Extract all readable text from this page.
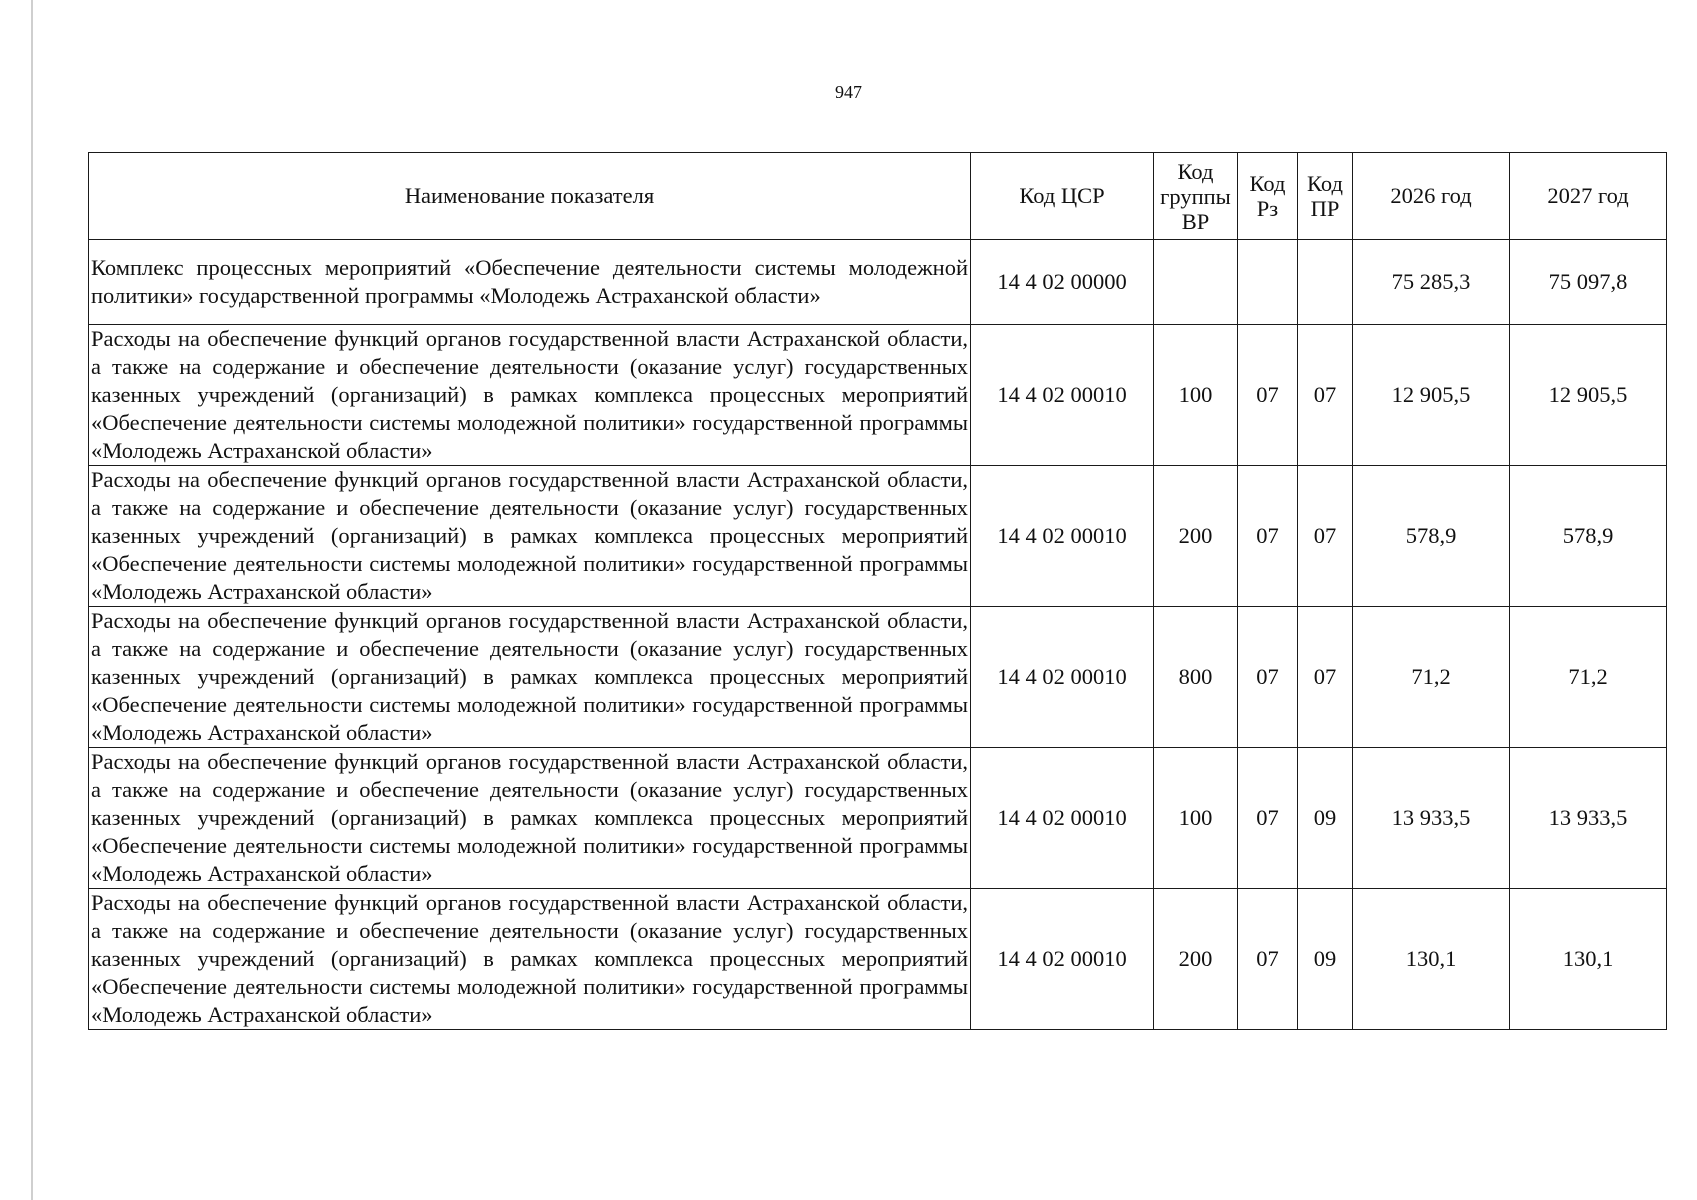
947
Наименование показателя	Код ЦСР	Код группы ВР	Код Рз	Код ПР	2026 год	2027 год
Комплекс процессных мероприятий «Обеспечение деятельности системы молодежной политики» государственной программы «Молодежь Астраханской области»	14 4 02 00000				75 285,3	75 097,8
Расходы на обеспечение функций органов государственной власти Астраханской области, а также на содержание и обеспечение деятельности (оказание услуг) государственных казенных учреждений (организаций) в рамках комплекса процессных мероприятий «Обеспечение деятельности системы молодежной политики» государственной программы «Молодежь Астраханской области»	14 4 02 00010	100	07	07	12 905,5	12 905,5
Расходы на обеспечение функций органов государственной власти Астраханской области, а также на содержание и обеспечение деятельности (оказание услуг) государственных казенных учреждений (организаций) в рамках комплекса процессных мероприятий «Обеспечение деятельности системы молодежной политики» государственной программы «Молодежь Астраханской области»	14 4 02 00010	200	07	07	578,9	578,9
Расходы на обеспечение функций органов государственной власти Астраханской области, а также на содержание и обеспечение деятельности (оказание услуг) государственных казенных учреждений (организаций) в рамках комплекса процессных мероприятий «Обеспечение деятельности системы молодежной политики» государственной программы «Молодежь Астраханской области»	14 4 02 00010	800	07	07	71,2	71,2
Расходы на обеспечение функций органов государственной власти Астраханской области, а также на содержание и обеспечение деятельности (оказание услуг) государственных казенных учреждений (организаций) в рамках комплекса процессных мероприятий «Обеспечение деятельности системы молодежной политики» государственной программы «Молодежь Астраханской области»	14 4 02 00010	100	07	09	13 933,5	13 933,5
Расходы на обеспечение функций органов государственной власти Астраханской области, а также на содержание и обеспечение деятельности (оказание услуг) государственных казенных учреждений (организаций) в рамках комплекса процессных мероприятий «Обеспечение деятельности системы молодежной политики» государственной программы «Молодежь Астраханской области»	14 4 02 00010	200	07	09	130,1	130,1
